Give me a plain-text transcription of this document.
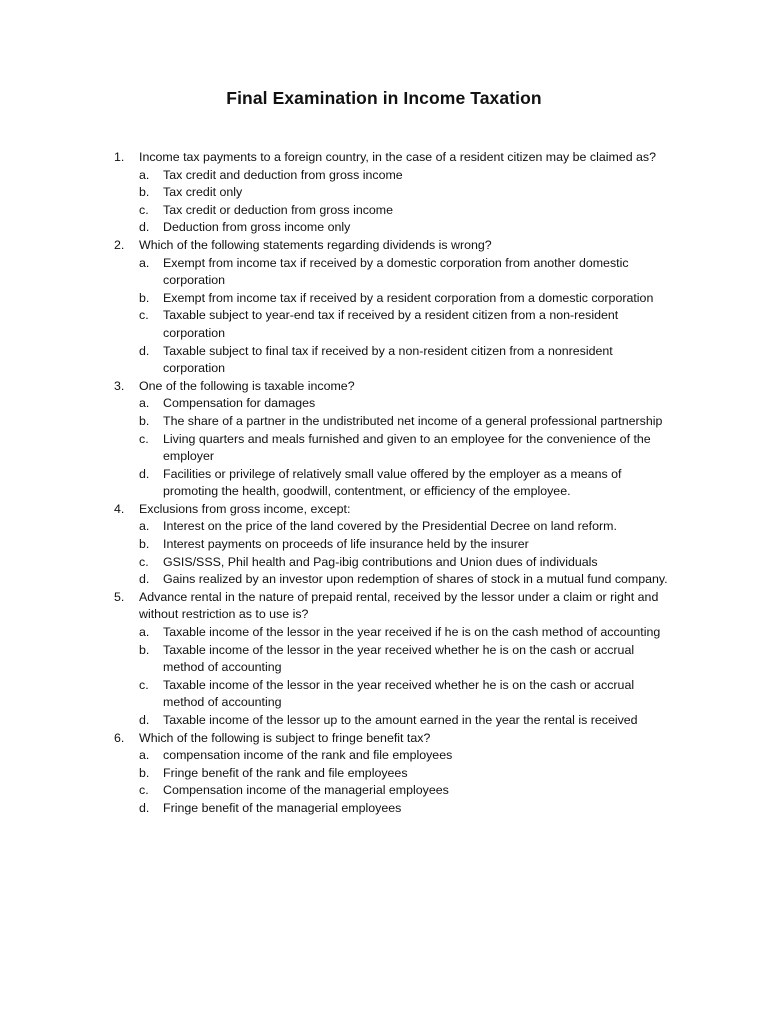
Final Examination in Income Taxation
1.	Income tax payments to a foreign country, in the case of a resident citizen may be claimed as?
a.	Tax credit and deduction from gross income
b.	Tax credit only
c.	Tax credit or deduction from gross income
d.	Deduction from gross income only
2.	Which of the following statements regarding dividends is wrong?
a.	Exempt from income tax if received by a domestic corporation from another domestic corporation
b.	Exempt from income tax if received by a resident corporation from a domestic corporation
c.	Taxable subject to year-end tax if received by a resident citizen from a non-resident corporation
d.	Taxable subject to final tax if received by a non-resident citizen from a nonresident corporation
3.	One of the following is taxable income?
a.	Compensation for damages
b.	The share of a partner in the undistributed net income of a general professional partnership
c.	Living quarters and meals furnished and given to an employee for the convenience of the employer
d.	Facilities or privilege of relatively small value offered by the employer as a means of promoting the health, goodwill, contentment, or efficiency of the employee.
4.	Exclusions from gross income, except:
a.	Interest on the price of the land covered by the Presidential Decree on land reform.
b.	Interest payments on proceeds of life insurance held by the insurer
c.	GSIS/SSS, Phil health and Pag-ibig contributions and Union dues of individuals
d.	Gains realized by an investor upon redemption of shares of stock in a mutual fund company.
5.	Advance rental in the nature of prepaid rental, received by the lessor under a claim or right and without restriction as to use is?
a.	Taxable income of the lessor in the year received if he is on the cash method of accounting
b.	Taxable income of the lessor in the year received whether he is on the cash or accrual method of accounting
c.	Taxable income of the lessor in the year received whether he is on the cash or accrual method of accounting
d.	Taxable income of the lessor up to the amount earned in the year the rental is received
6.	Which of the following is subject to fringe benefit tax?
a.	compensation income of the rank and file employees
b.	Fringe benefit of the rank and file employees
c.	Compensation income of the managerial employees
d.	Fringe benefit of the managerial employees
